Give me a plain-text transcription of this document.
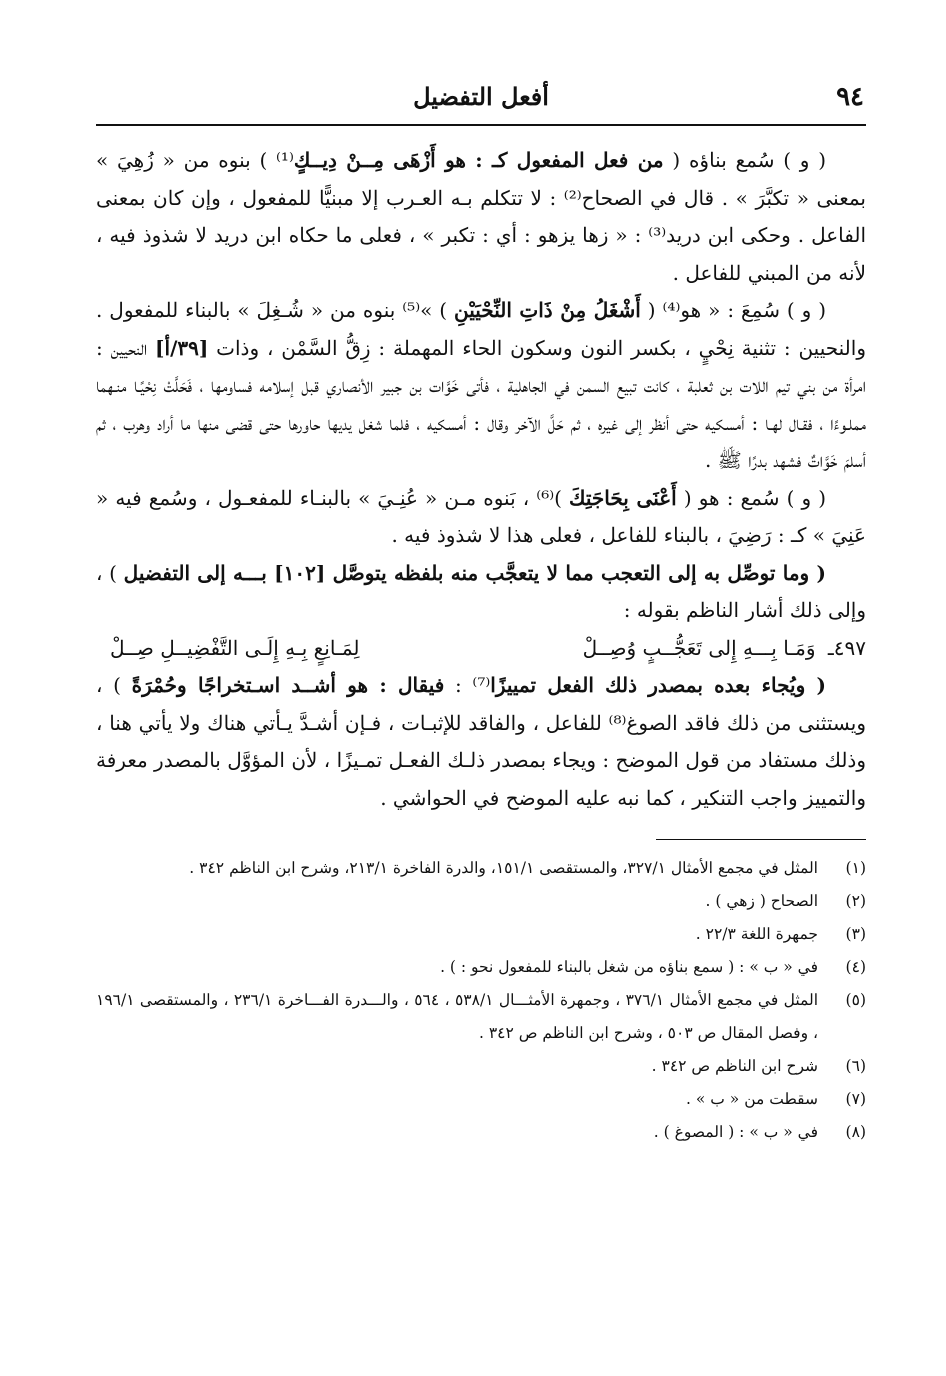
٩٤
أفعل التفضيل

( و ) سُمع بناؤه ( من فعل المفعول كـ : هو أَزْهَى مِــنْ دِيــكٍ⁽¹⁾ ) بنوه من « زُهِيَ » بمعنى « تكبَّرَ » . قال في الصحاح⁽²⁾ : لا تتكلم بـه العـرب إلا مبنيًّا للمفعول ، وإن كان بمعنى الفاعل . وحكى ابن دريد⁽³⁾ : « زها يزهو : أي : تكبر » ، فعلى ما حكاه ابن دريد لا شذوذ فيه ، لأنه من المبني للفاعل .

( و ) سُمِعَ : « هو⁽⁴⁾ ( أَشْغَلُ مِنْ ذَاتِ النِّحْيَيْنِ ) »⁽⁵⁾ بنوه من « شُـغِلَ » بالبناء للمفعول . والنحيين : تثنية نِحْيٍ ، بكسر النون وسكون الحاء المهملة : زِقُّ السَّمْن ، وذات [٣٩/أ] النحيين : امرأة من بني تيم اللات بن ثعلبة ، كانت تبيع السمن في الجاهلية ، فأتى خَوَّات بن جبير الأنصاري قبل إسلامه فساومها ، فَحَلَّتْ نِحْيًـا منـهما مملـوءًا ، فقـال لهـا : أمسكيه حتى أنظر إلى غيره ، ثم حَلَّ الآخر وقال : أمسكيه ، فلما شغل يديها حاورها حتى قضى منها ما أراد وهرب ، ثم أسلمَ خَوَّاتٌ فشهد بدرًا ﷺ .

( و ) سُمع : هو ( أَعْنَى بِحَاجَتِكَ )⁽⁶⁾ ، بَنوه مـن « عُنِـيَ » بالبنـاء للمفعـول ، وسُمع فيه « عَنِيَ » كـ : رَضِيَ ، بالبناء للفاعل ، فعلى هذا لا شذوذ فيه .

( وما توصِّل به إلى التعجب مما لا يتعجَّب منه بلفظه يتوصَّل [١٠٢] بـــه إلى التفضيل ) ، وإلى ذلك أشار الناظم بقوله :

٤٩٧ـ وَمَـا بِـــهِ إِلى تَعَجُّــبٍ وُصِــلْ
لِمَـانِعٍ بِـهِ إِلَـى التَّفْضِيــلِ صِــلْ

( ويُجاء بعده بمصدر ذلك الفعل تمييزًا⁽⁷⁾ : فيقال : هو أشــد اسـتخراجًا وحُمْرَةً ) ، ويستثنى من ذلك فاقد الصوغ⁽⁸⁾ للفاعل ، والفاقد للإثبـات ، فـإن أشـدَّ يـأتي هناك ولا يأتي هنا ، وذلك مستفاد من قول الموضح : ويجاء بمصدر ذلـك الفعـل تمـيزًا ، لأن المؤوَّل بالمصدر معرفة والتمييز واجب التنكير ، كما نبه عليه الموضح في الحواشي .

(١)
المثل في مجمع الأمثال ٣٢٧/١، والمستقصى ١٥١/١، والدرة الفاخرة ٢١٣/١، وشرح ابن الناظم ٣٤٢ .
(٢)
الصحاح ( زهي ) .
(٣)
جمهرة اللغة ٢٢/٣ .
(٤)
في « ب » : ( سمع بناؤه من شغل بالبناء للمفعول نحو : ) .
(٥)
المثل في مجمع الأمثال ٣٧٦/١ ، وجمهرة الأمثـــال ٥٣٨/١ ، ٥٦٤ ، والـــدرة الفـــاخرة ٢٣٦/١ ، والمستقصى ١٩٦/١ ، وفصل المقال ص ٥٠٣ ، وشرح ابن الناظم ص ٣٤٢ .
(٦)
شرح ابن الناظم ص ٣٤٢ .
(٧)
سقطت من « ب » .
(٨)
في « ب » : ( المصوغ ) .
